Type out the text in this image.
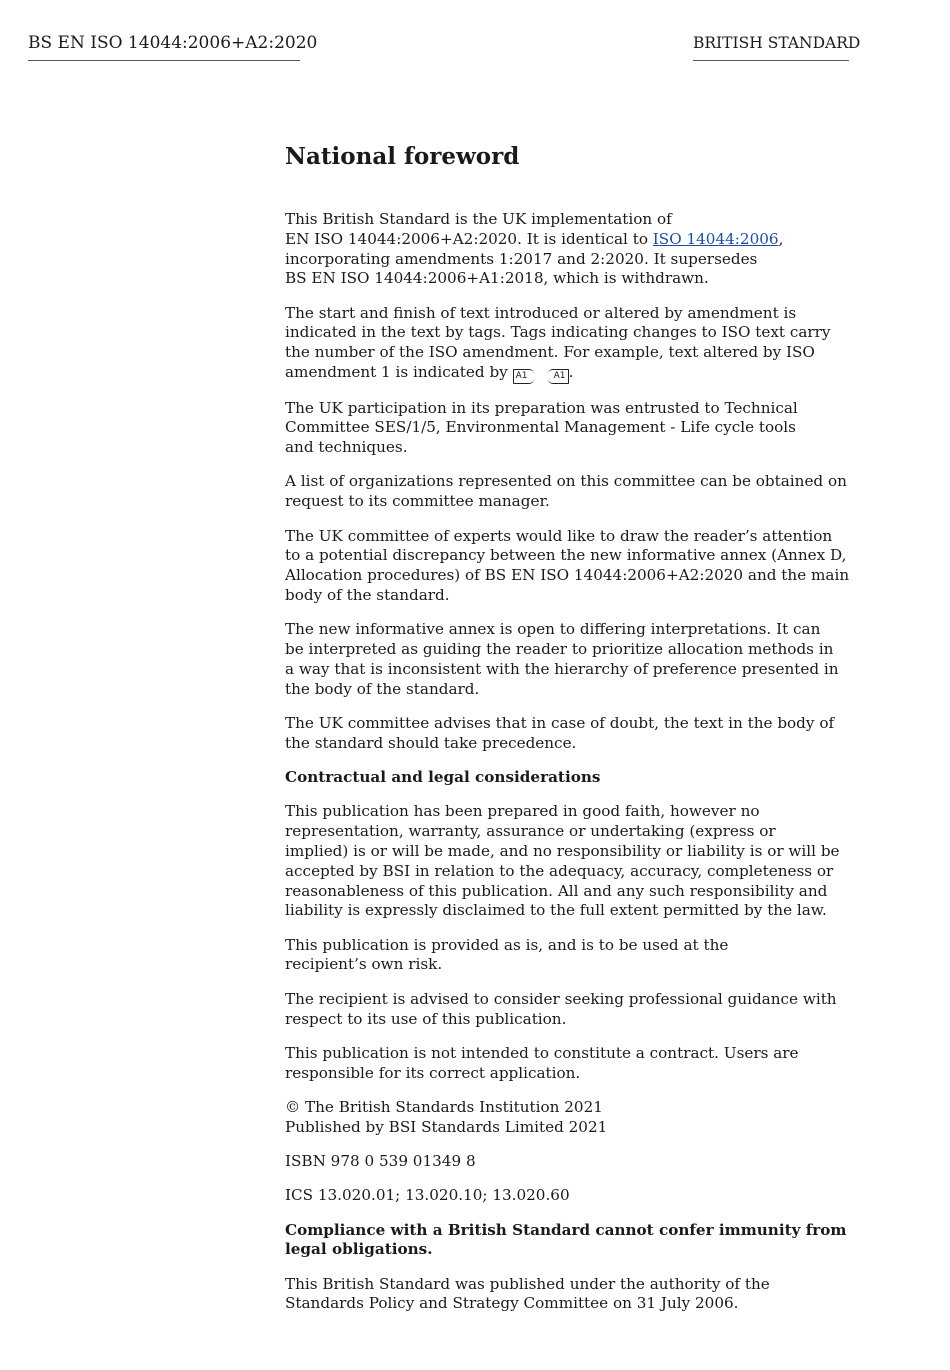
BS EN ISO 14044:2006+A2:2020	BRITISH STANDARD
National foreword

This British Standard is the UK implementation of
EN ISO 14044:2006+A2:2020. It is identical to ISO 14044:2006,
incorporating amendments 1:2017 and 2:2020. It supersedes
BS EN ISO 14044:2006+A1:2018, which is withdrawn.

The start and finish of text introduced or altered by amendment is
indicated in the text by tags. Tags indicating changes to ISO text carry
the number of the ISO amendment. For example, text altered by ISO
amendment 1 is indicated by A1	A1 .

The UK participation in its preparation was entrusted to Technical
Committee SES/1/5, Environmental Management - Life cycle tools
and techniques.

A list of organizations represented on this committee can be obtained on
request to its committee manager.

The UK committee of experts would like to draw the reader’s attention
to a potential discrepancy between the new informative annex (Annex D,
Allocation procedures) of BS EN ISO 14044:2006+A2:2020 and the main
body of the standard.

The new informative annex is open to differing interpretations. It can
be interpreted as guiding the reader to prioritize allocation methods in
a way that is inconsistent with the hierarchy of preference presented in
the body of the standard.

The UK committee advises that in case of doubt, the text in the body of
the standard should take precedence.

Contractual and legal considerations

This publication has been prepared in good faith, however no
representation, warranty, assurance or undertaking (express or
implied) is or will be made, and no responsibility or liability is or will be
accepted by BSI in relation to the adequacy, accuracy, completeness or
reasonableness of this publication. All and any such responsibility and
liability is expressly disclaimed to the full extent permitted by the law.

This publication is provided as is, and is to be used at the
recipient’s own risk.

The recipient is advised to consider seeking professional guidance with
respect to its use of this publication.

This publication is not intended to constitute a contract. Users are
responsible for its correct application.

© The British Standards Institution 2021
Published by BSI Standards Limited 2021

ISBN 978 0 539 01349 8

ICS 13.020.01; 13.020.10; 13.020.60

Compliance with a British Standard cannot confer immunity from
legal obligations.

This British Standard was published under the authority of the
Standards Policy and Strategy Committee on 31 July 2006.
